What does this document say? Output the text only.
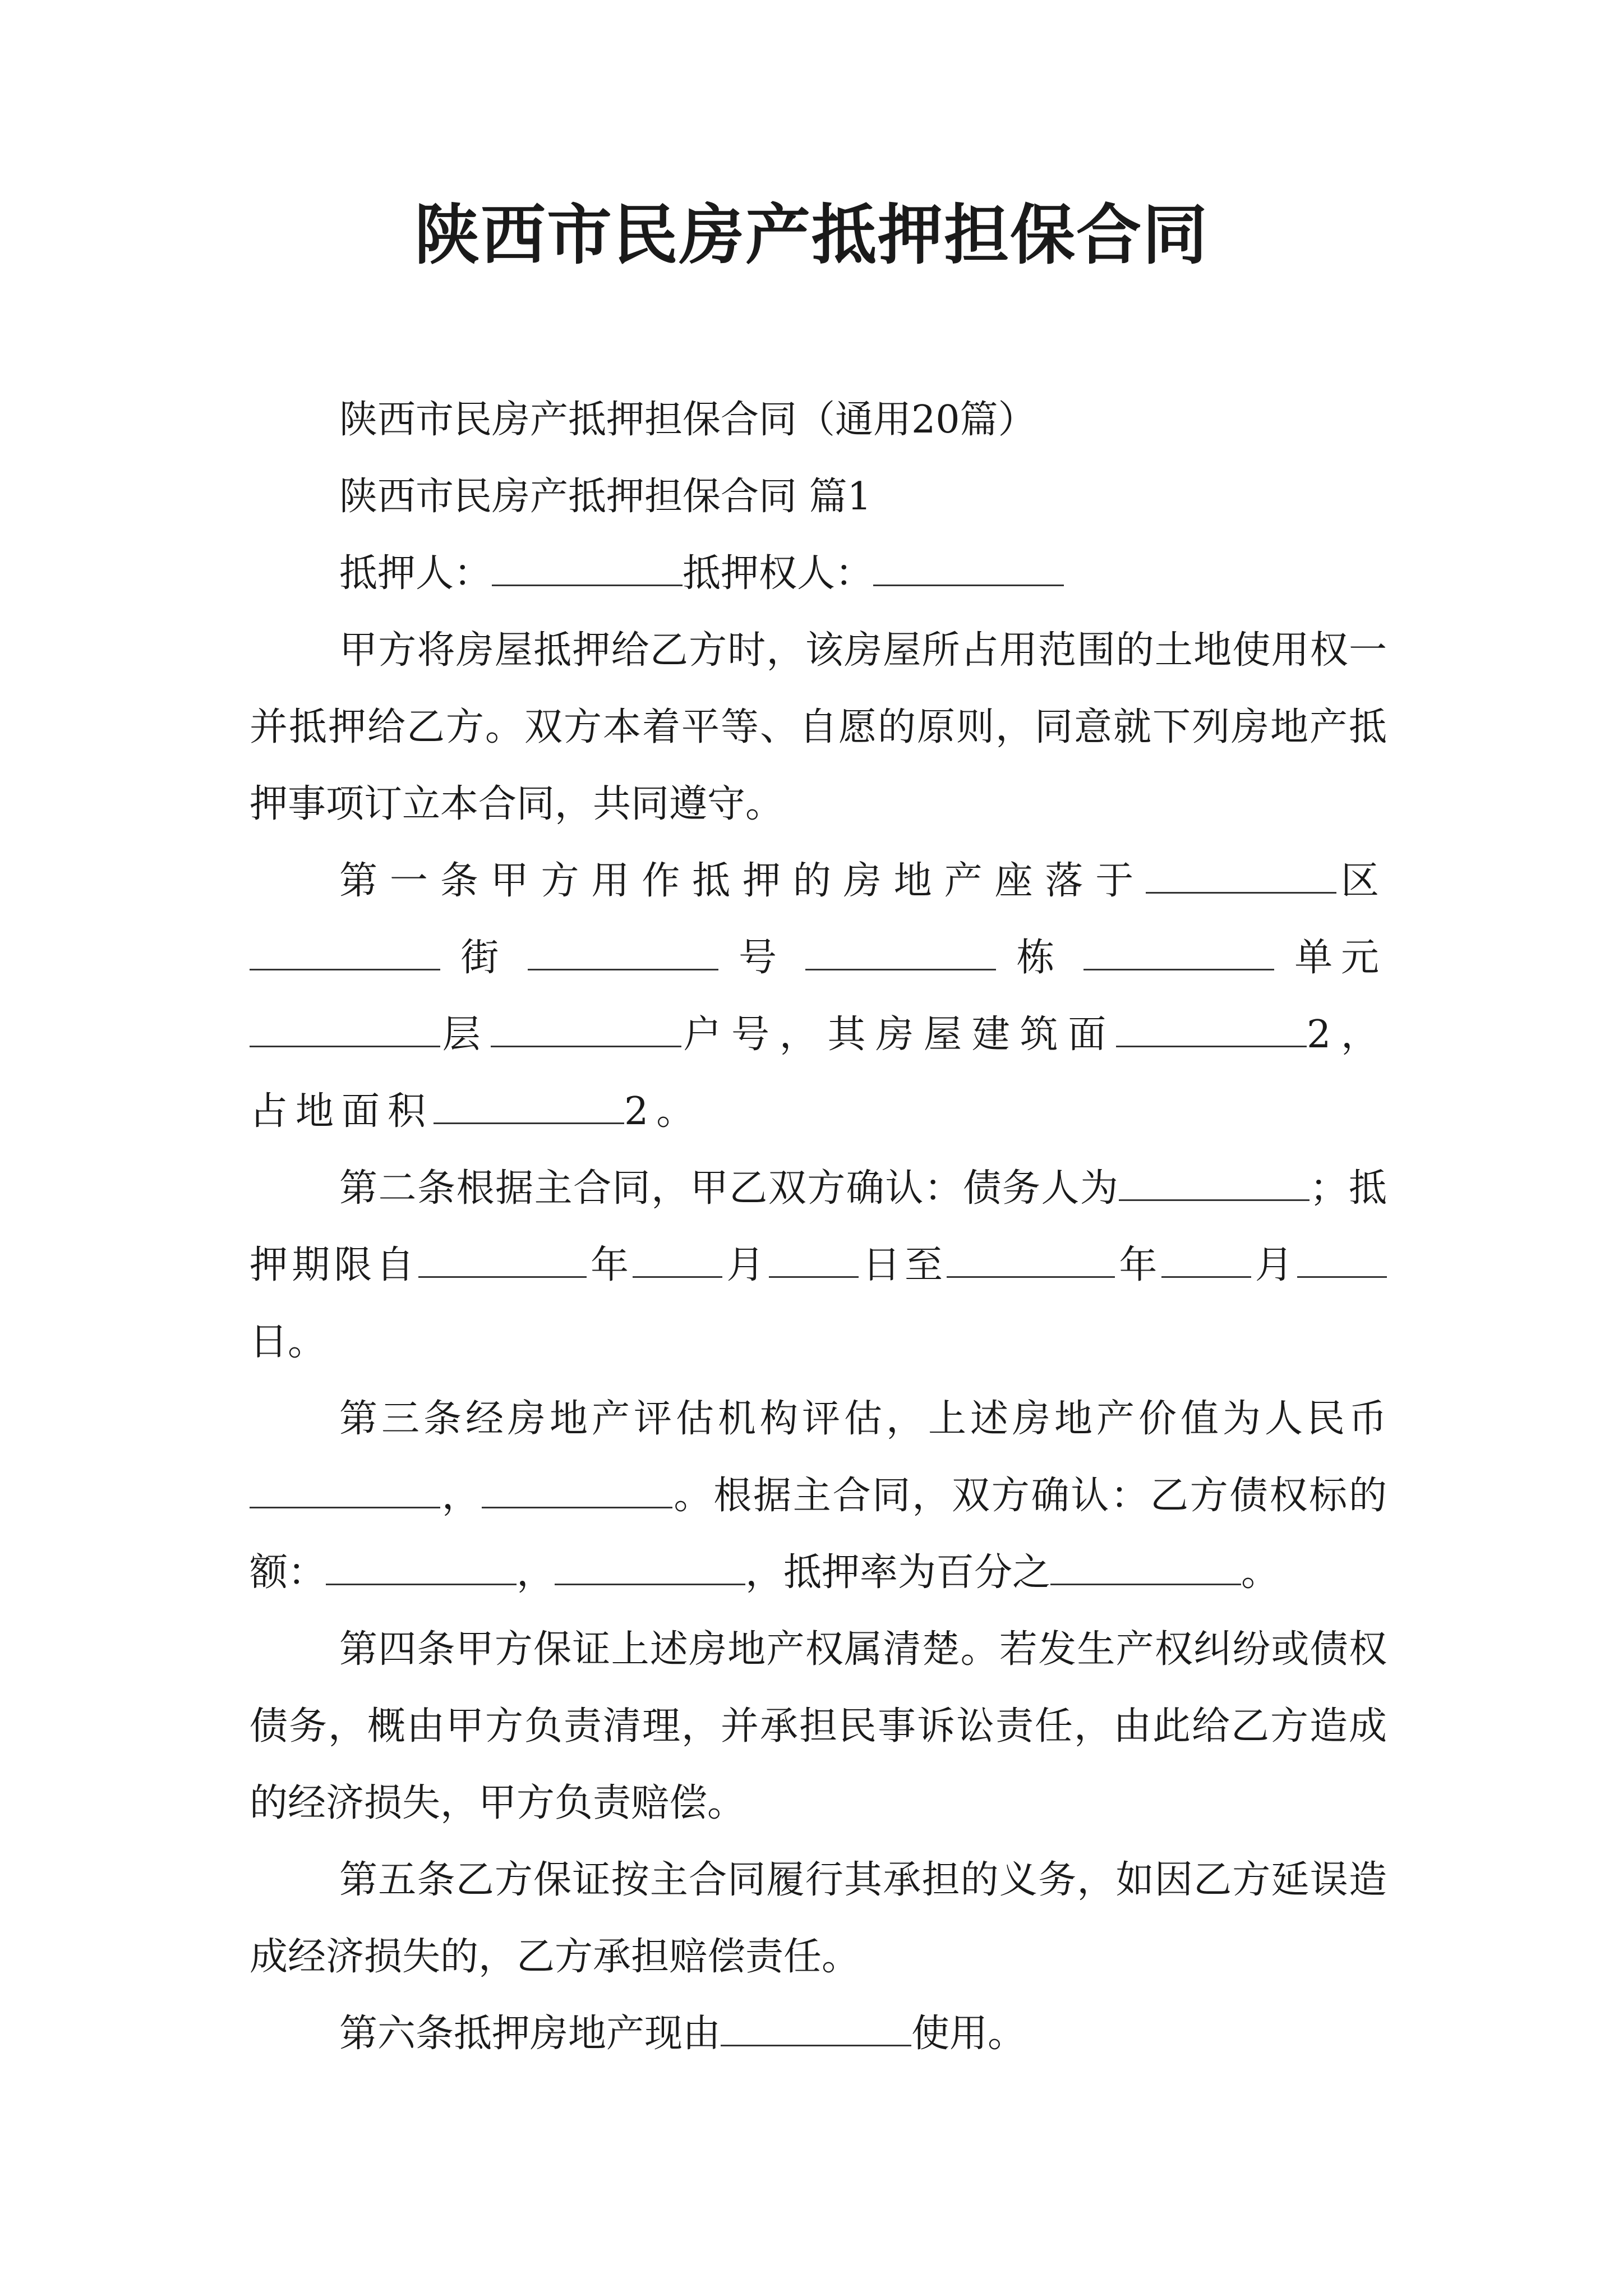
陕西市民房产抵押担保合同

陕西市民房产抵押担保合同（通用20篇）

陕西市民房产抵押担保合同 篇1

抵押人：	抵押权人：

甲方将房屋抵押给乙方时，该房屋所占用范围的土地使用权一并抵押给乙方。双方本着平等、自愿的原则，同意就下列房地产抵押事项订立本合同，共同遵守。

第一条甲方用作抵押的房地产座落于	区  街	号	栋	单元 层	户号，其房屋建筑面	2，占地面积	2。

第二条根据主合同，甲乙双方确认：债务人为	；抵押期限自	年 月 日至	年 月日。

第三条经房地产评估机构评估，上述房地产价值为人民币，	。根据主合同，双方确认：乙方债权标的额：	，	，抵押率为百分之	。

第四条甲方保证上述房地产权属清楚。若发生产权纠纷或债权债务，概由甲方负责清理，并承担民事诉讼责任，由此给乙方造成的经济损失，甲方负责赔偿。

第五条乙方保证按主合同履行其承担的义务，如因乙方延误造成经济损失的，乙方承担赔偿责任。

第六条抵押房地产现由	使用。
